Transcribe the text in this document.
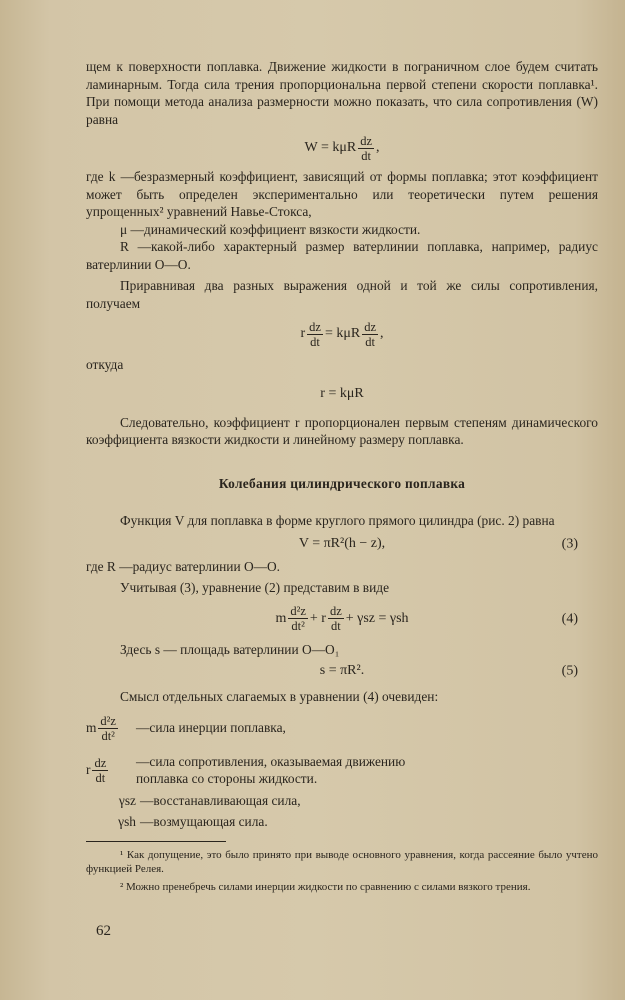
щем к поверхности поплавка. Движение жидкости в пограничном слое будем считать ламинарным. Тогда сила трения пропорциональна первой степени скорости поплавка¹. При помощи метода анализа размерности можно показать, что сила сопротивления (W) равна

W = kμR $\frac{dz}{dt}$ ,

где k —безразмерный коэффициент, зависящий от формы поплавка; этот коэффициент может быть определен экспериментально или теоретически путем решения упрощенных² уравнений Навье-Стокса,

μ —динамический коэффициент вязкости жидкости.

R —какой-либо характерный размер ватерлинии поплавка, например, радиус ватерлинии O—O.

Приравнивая два разных выражения одной и той же силы сопротивления, получаем

r $\frac{dz}{dt} = k\mu R \frac{dz}{dt}$ ,

откуда

r = kμR

Следовательно, коэффициент r пропорционален первым степеням динамического коэффициента вязкости жидкости и линейному размеру поплавка.

Колебания цилиндрического поплавка

Функция V для поплавка в форме круглого прямого цилиндра (рис. 2) равна

V = πR²(h − z),	(3)

где R —радиус ватерлинии O—O.

Учитывая (3), уравнение (2) представим в виде

m $\frac{\text{d²z}}{\text{dt²}} + r \frac{dz}{dt} + \gamma sz = \gamma sh$	(4)

Здесь s — площадь ватерлинии O—O₁

s = πR².	(5)

Смысл отдельных слагаемых в уравнении (4) очевиден:

m $\frac{\text{d²z}}{\text{dt²}}$ —сила инерции поплавка,
r $\frac{dz}{dt}$ —сила сопротивления, оказываемая движению поплавка со стороны жидкости.
γsz —восстанавливающая сила,
γsh —возмущающая сила.
¹ Как допущение, это было принято при выводе основного уравнения, когда рассеяние было учтено функцией Релея.
² Можно пренебречь силами инерции жидкости по сравнению с силами вязкого трения.
62
